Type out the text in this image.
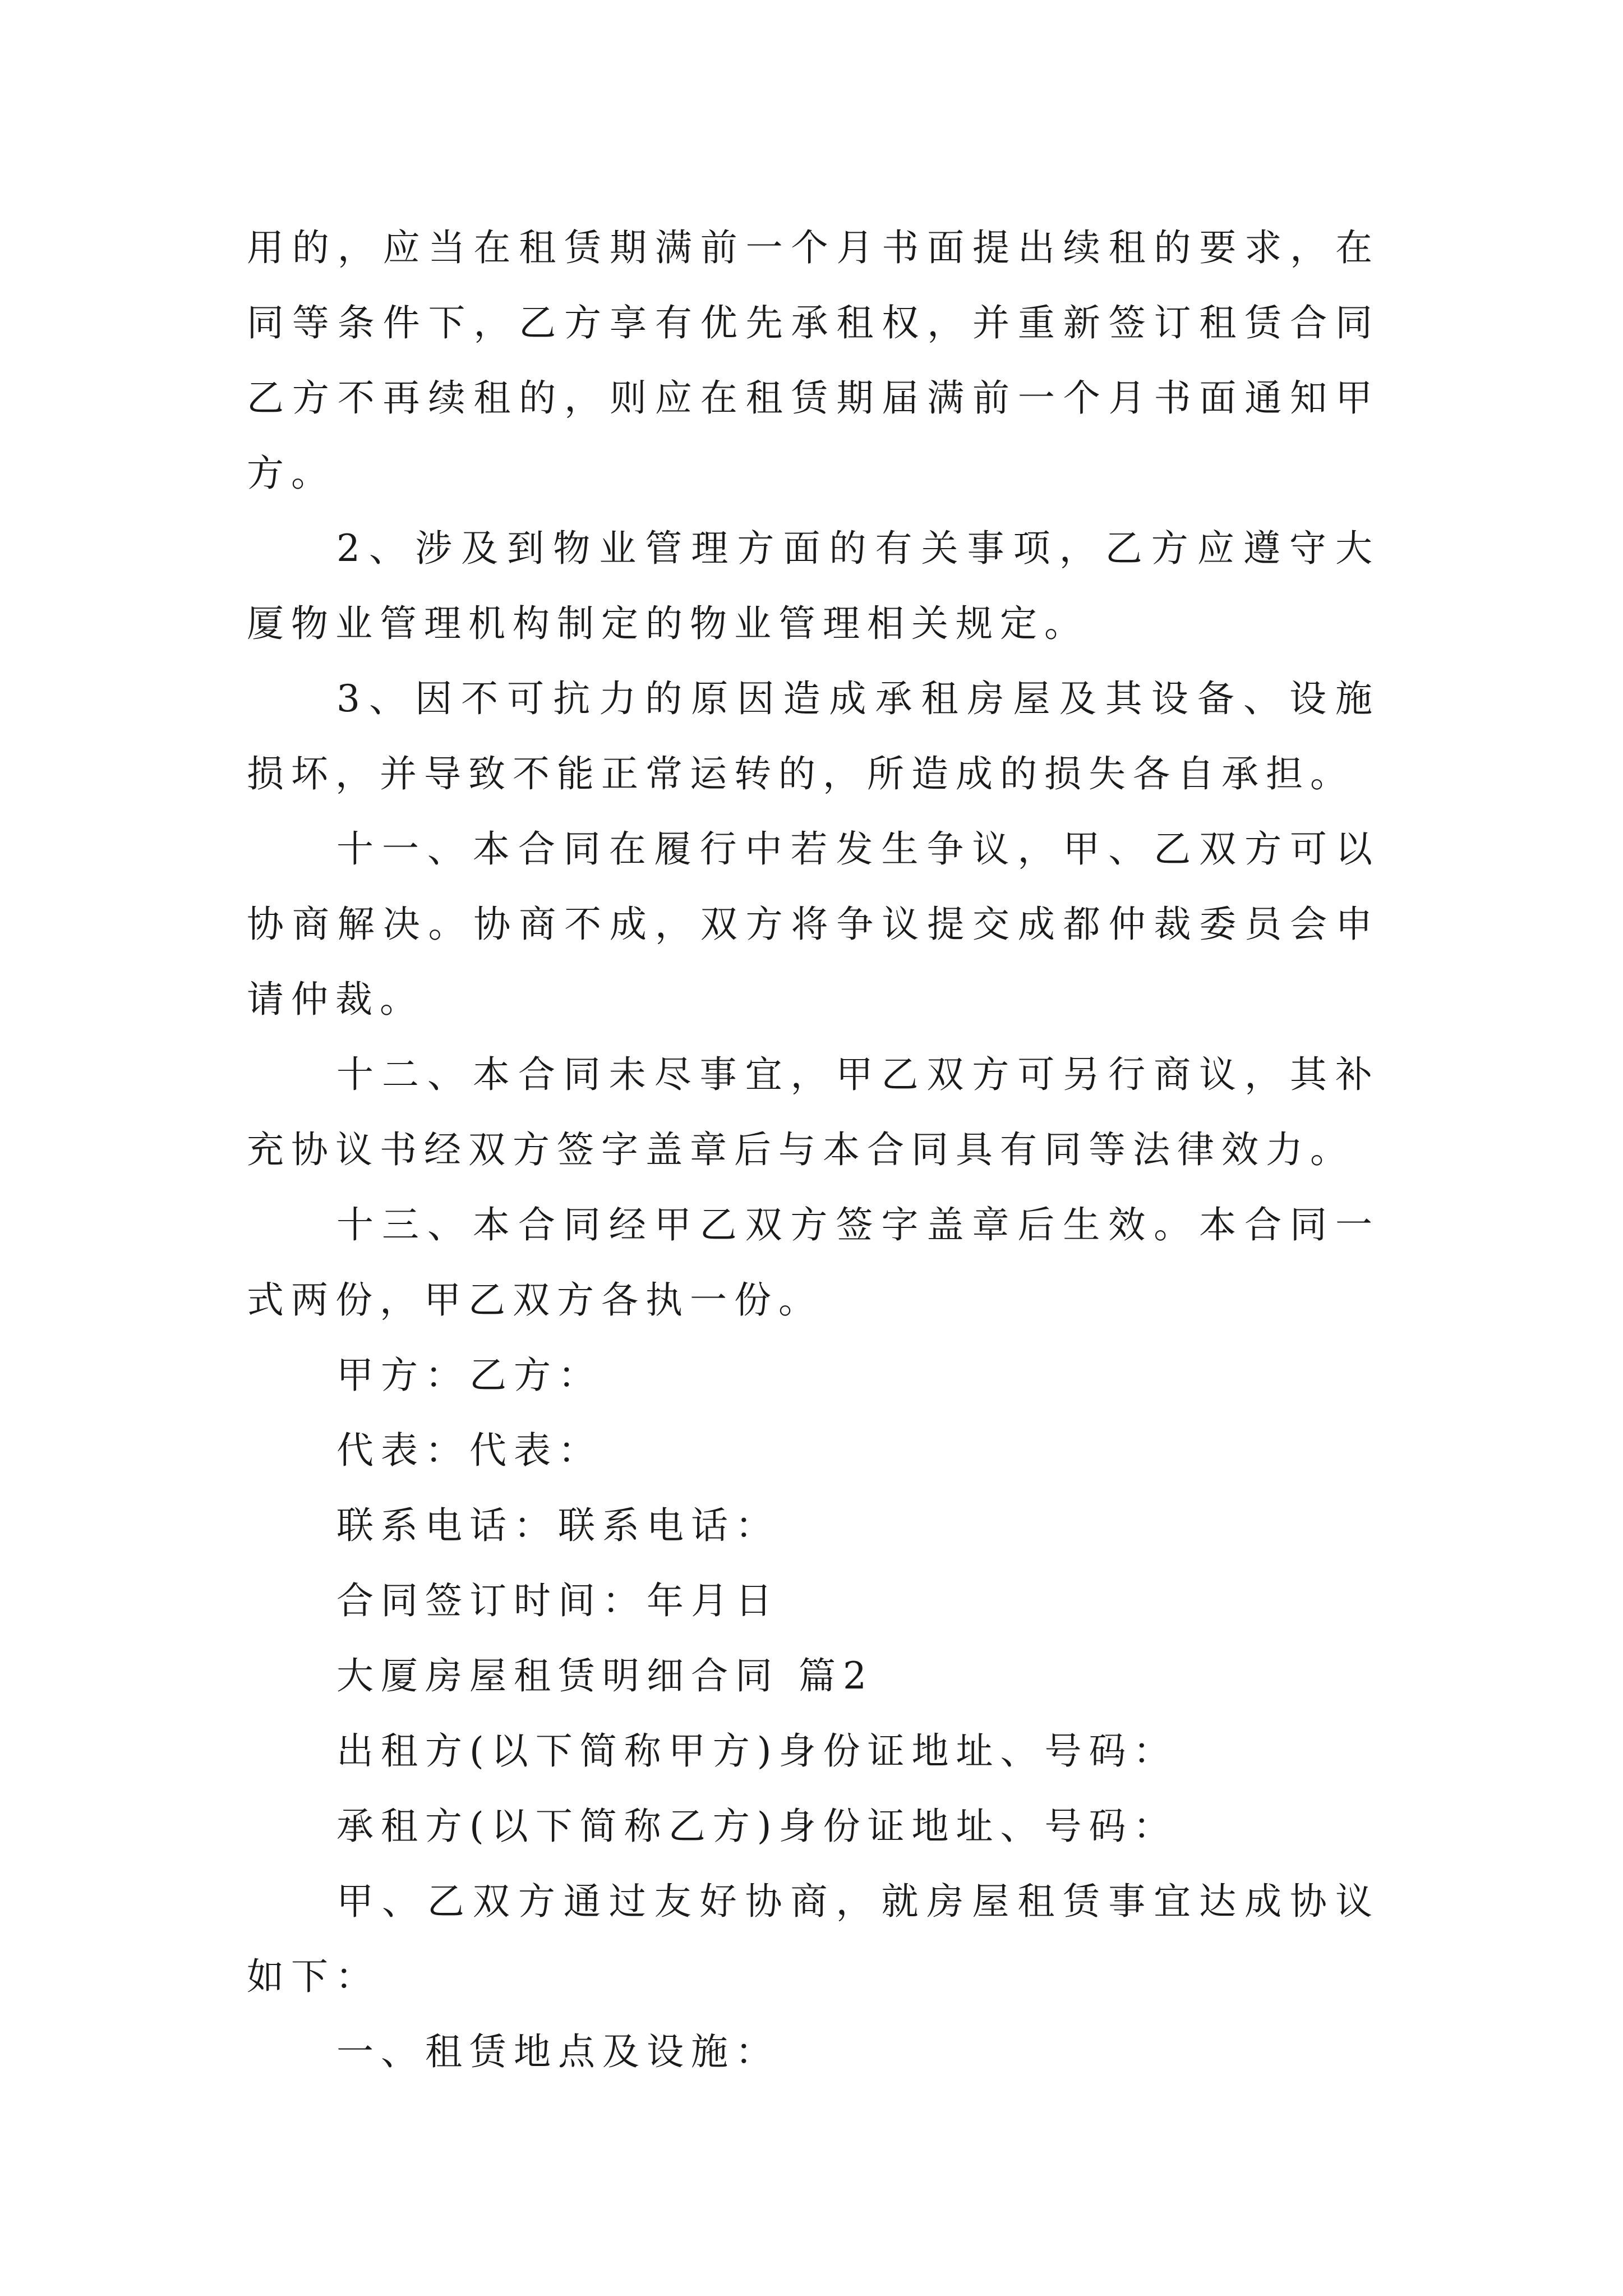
用的，应当在租赁期满前一个月书面提出续租的要求，在同等条件下，乙方享有优先承租权，并重新签订租赁合同乙方不再续租的，则应在租赁期届满前一个月书面通知甲方。

2、涉及到物业管理方面的有关事项，乙方应遵守大厦物业管理机构制定的物业管理相关规定。

3、因不可抗力的原因造成承租房屋及其设备、设施损坏，并导致不能正常运转的，所造成的损失各自承担。

十一、本合同在履行中若发生争议，甲、乙双方可以协商解决。协商不成，双方将争议提交成都仲裁委员会申请仲裁。

十二、本合同未尽事宜，甲乙双方可另行商议，其补充协议书经双方签字盖章后与本合同具有同等法律效力。

十三、本合同经甲乙双方签字盖章后生效。本合同一式两份，甲乙双方各执一份。

甲方：乙方：

代表：代表：

联系电话：联系电话：

合同签订时间：年月日

大厦房屋租赁明细合同 篇2

出租方(以下简称甲方)身份证地址、号码：

承租方(以下简称乙方)身份证地址、号码：

甲、乙双方通过友好协商，就房屋租赁事宜达成协议如下：

一、租赁地点及设施：
